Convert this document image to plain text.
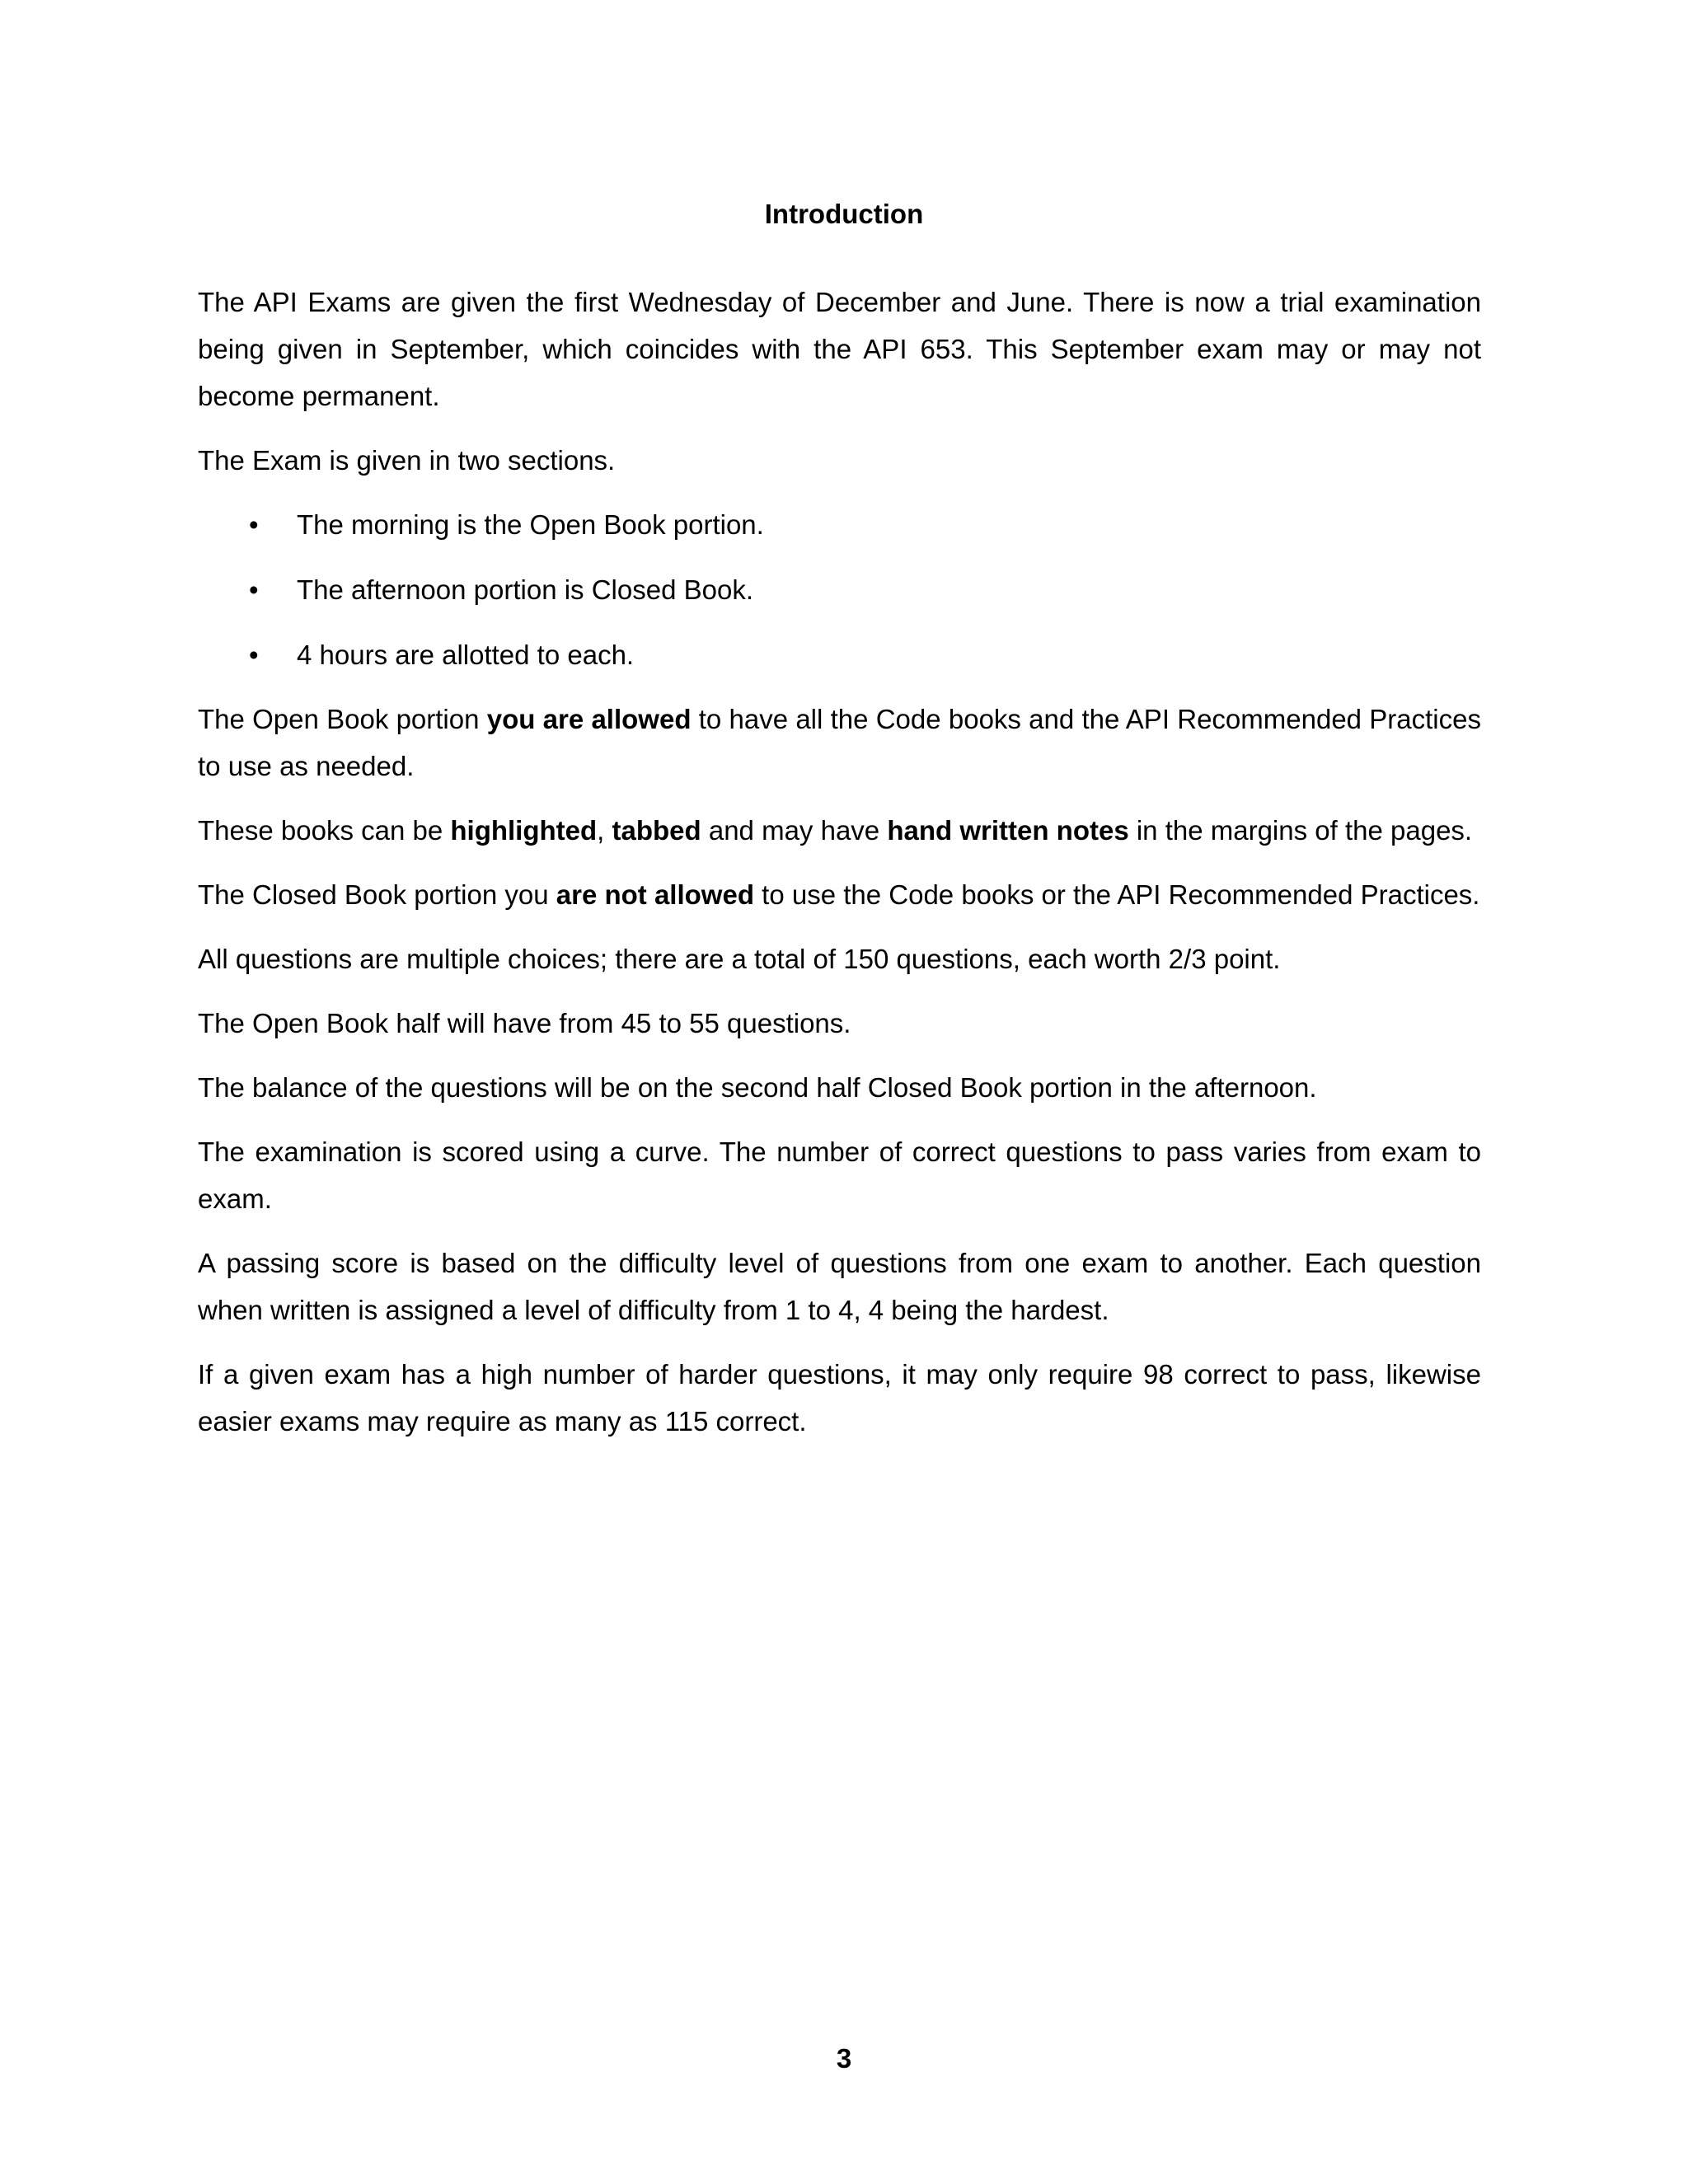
Introduction

The API Exams are given the first Wednesday of December and June. There is now a trial examination being given in September, which coincides with the API 653. This September exam may or may not become permanent.

The Exam is given in two sections.

• The morning is the Open Book portion.
• The afternoon portion is Closed Book.
• 4 hours are allotted to each.

The Open Book portion you are allowed to have all the Code books and the API Recommended Practices to use as needed.

These books can be highlighted, tabbed and may have hand written notes in the margins of the pages.

The Closed Book portion you are not allowed to use the Code books or the API Recommended Practices.

All questions are multiple choices; there are a total of 150 questions, each worth 2/3 point.

The Open Book half will have from 45 to 55 questions.

The balance of the questions will be on the second half Closed Book portion in the afternoon.

The examination is scored using a curve. The number of correct questions to pass varies from exam to exam.

A passing score is based on the difficulty level of questions from one exam to another. Each question when written is assigned a level of difficulty from 1 to 4, 4 being the hardest.

If a given exam has a high number of harder questions, it may only require 98 correct to pass, likewise easier exams may require as many as 115 correct.

3
